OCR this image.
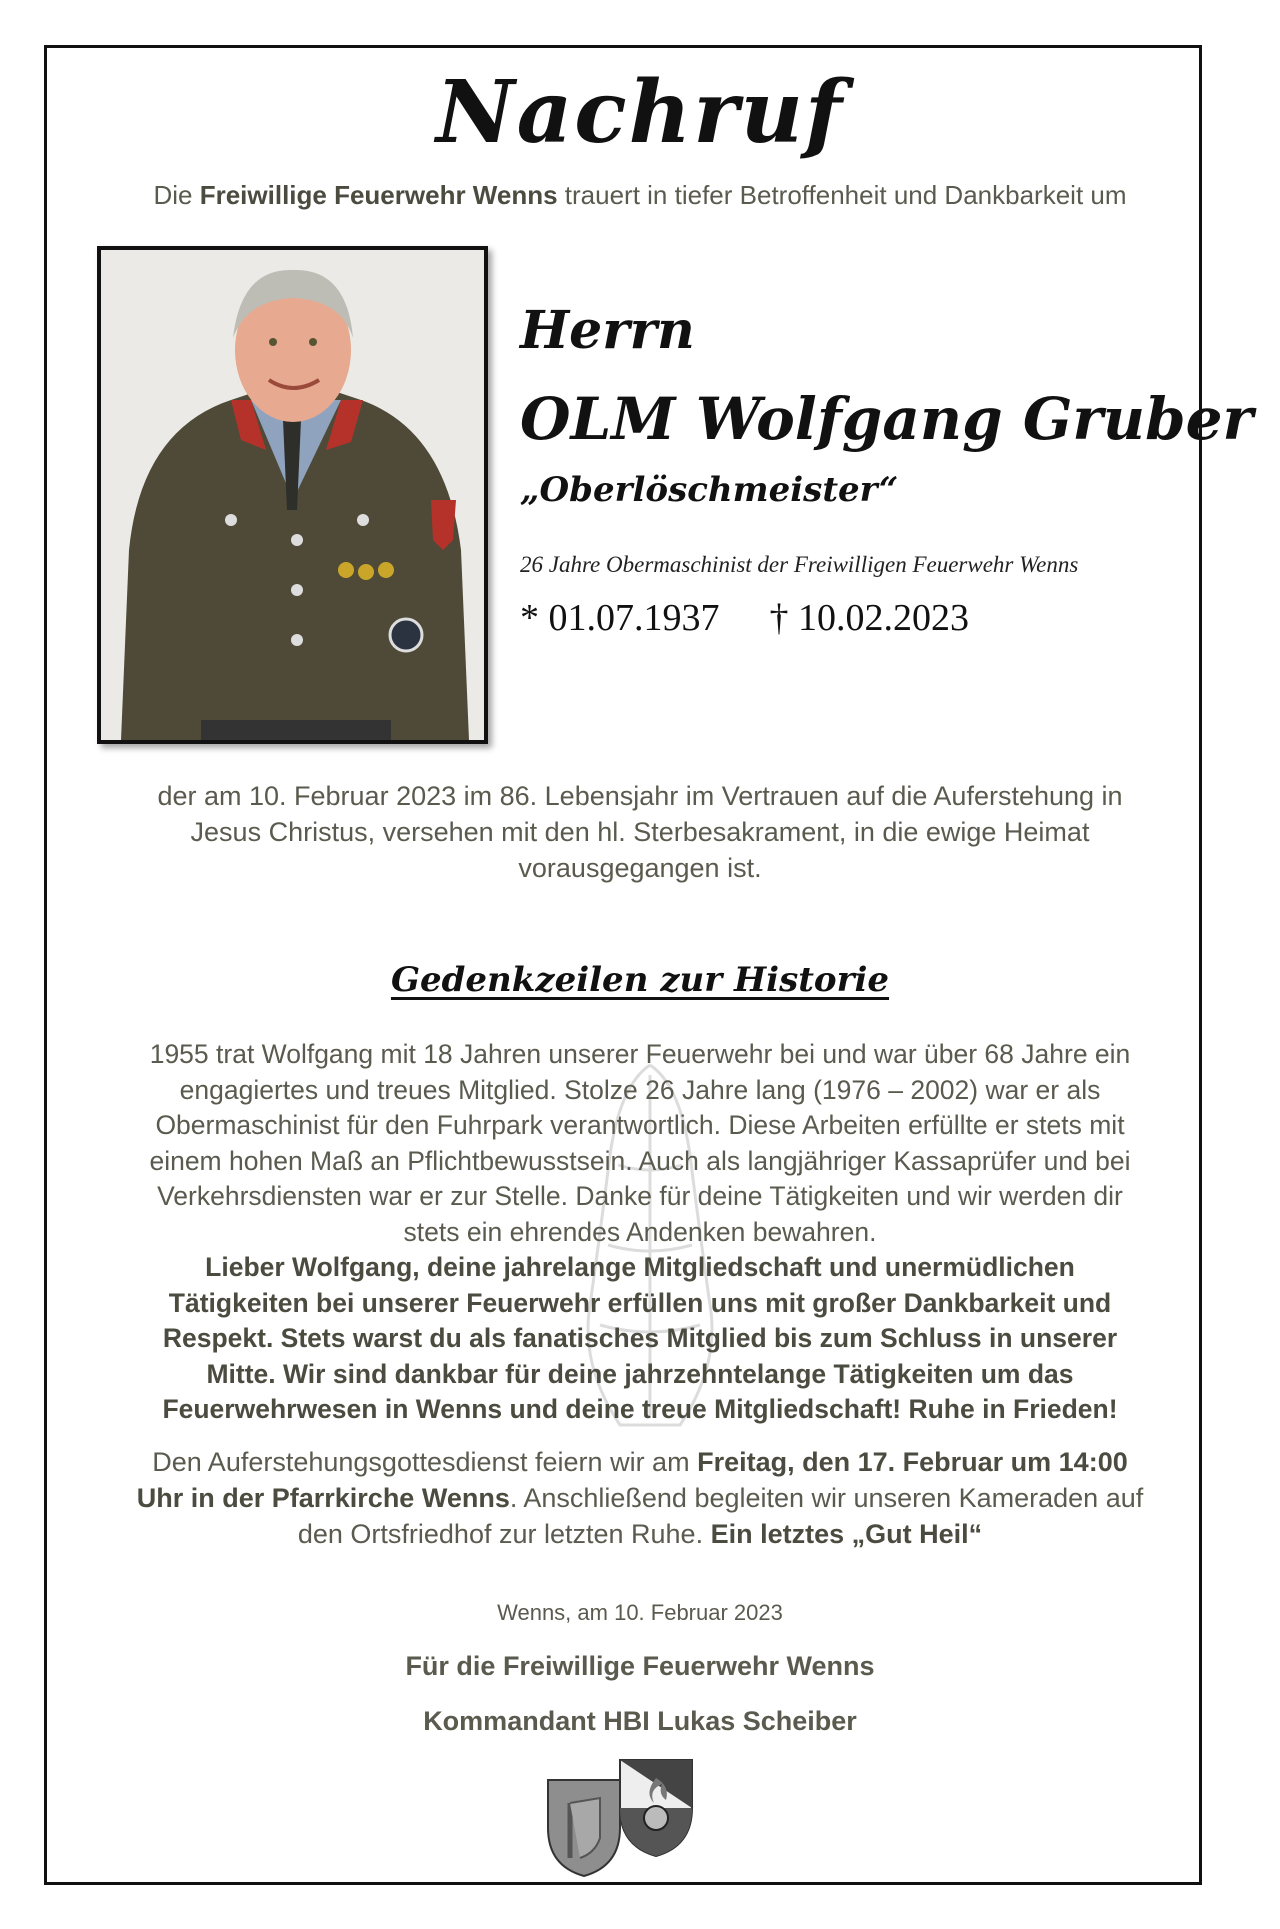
Nachruf
Die Freiwillige Feuerwehr Wenns trauert in tiefer Betroffenheit und Dankbarkeit um
Herrn
OLM Wolfgang Gruber
„Oberlöschmeister“
26 Jahre Obermaschinist der Freiwilligen Feuerwehr Wenns
* 01.07.1937 † 10.02.2023
der am 10. Februar 2023 im 86. Lebensjahr im Vertrauen auf die Auferstehung in
Jesus Christus, versehen mit den hl. Sterbesakrament, in die ewige Heimat
vorausgegangen ist.
Gedenkzeilen zur Historie
1955 trat Wolfgang mit 18 Jahren unserer Feuerwehr bei und war über 68 Jahre ein
engagiertes und treues Mitglied. Stolze 26 Jahre lang (1976 – 2002) war er als
Obermaschinist für den Fuhrpark verantwortlich. Diese Arbeiten erfüllte er stets mit
einem hohen Maß an Pflichtbewusstsein. Auch als langjähriger Kassaprüfer und bei
Verkehrsdiensten war er zur Stelle. Danke für deine Tätigkeiten und wir werden dir
stets ein ehrendes Andenken bewahren.
Lieber Wolfgang, deine jahrelange Mitgliedschaft und unermüdlichen
Tätigkeiten bei unserer Feuerwehr erfüllen uns mit großer Dankbarkeit und
Respekt. Stets warst du als fanatisches Mitglied bis zum Schluss in unserer
Mitte. Wir sind dankbar für deine jahrzehntelange Tätigkeiten um das
Feuerwehrwesen in Wenns und deine treue Mitgliedschaft! Ruhe in Frieden!
Den Auferstehungsgottesdienst feiern wir am Freitag, den 17. Februar um 14:00
Uhr in der Pfarrkirche Wenns. Anschließend begleiten wir unseren Kameraden auf
den Ortsfriedhof zur letzten Ruhe. Ein letztes „Gut Heil“
Wenns, am 10. Februar 2023
Für die Freiwillige Feuerwehr Wenns
Kommandant HBI Lukas Scheiber
